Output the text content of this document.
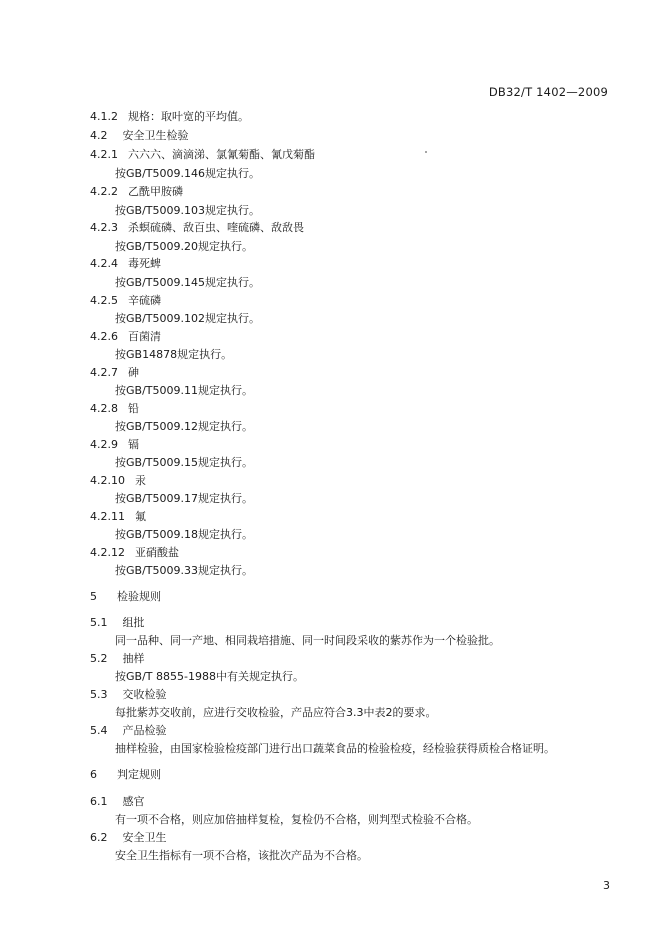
DB32/T 1402—2009
4.1.2 规格：取叶宽的平均值。
4.2 安全卫生检验
4.2.1 六六六、滴滴涕、氯氰菊酯、氰戊菊酯
按GB/T5009.146规定执行。
4.2.2 乙酰甲胺磷
按GB/T5009.103规定执行。
4.2.3 杀螟硫磷、敌百虫、喹硫磷、敌敌畏
按GB/T5009.20规定执行。
4.2.4 毒死蜱
按GB/T5009.145规定执行。
4.2.5 辛硫磷
按GB/T5009.102规定执行。
4.2.6 百菌清
按GB14878规定执行。
4.2.7 砷
按GB/T5009.11规定执行。
4.2.8 铅
按GB/T5009.12规定执行。
4.2.9 镉
按GB/T5009.15规定执行。
4.2.10 汞
按GB/T5009.17规定执行。
4.2.11 氟
按GB/T5009.18规定执行。
4.2.12 亚硝酸盐
按GB/T5009.33规定执行。
5 检验规则
5.1 组批
同一品种、同一产地、相同栽培措施、同一时间段采收的紫苏作为一个检验批。
5.2 抽样
按GB/T 8855-1988中有关规定执行。
5.3 交收检验
每批紫苏交收前，应进行交收检验，产品应符合3.3中表2的要求。
5.4 产品检验
抽样检验，由国家检验检疫部门进行出口蔬菜食品的检验检疫，经检验获得质检合格证明。
6 判定规则
6.1 感官
有一项不合格，则应加倍抽样复检，复检仍不合格，则判型式检验不合格。
6.2 安全卫生
安全卫生指标有一项不合格，该批次产品为不合格。
3
